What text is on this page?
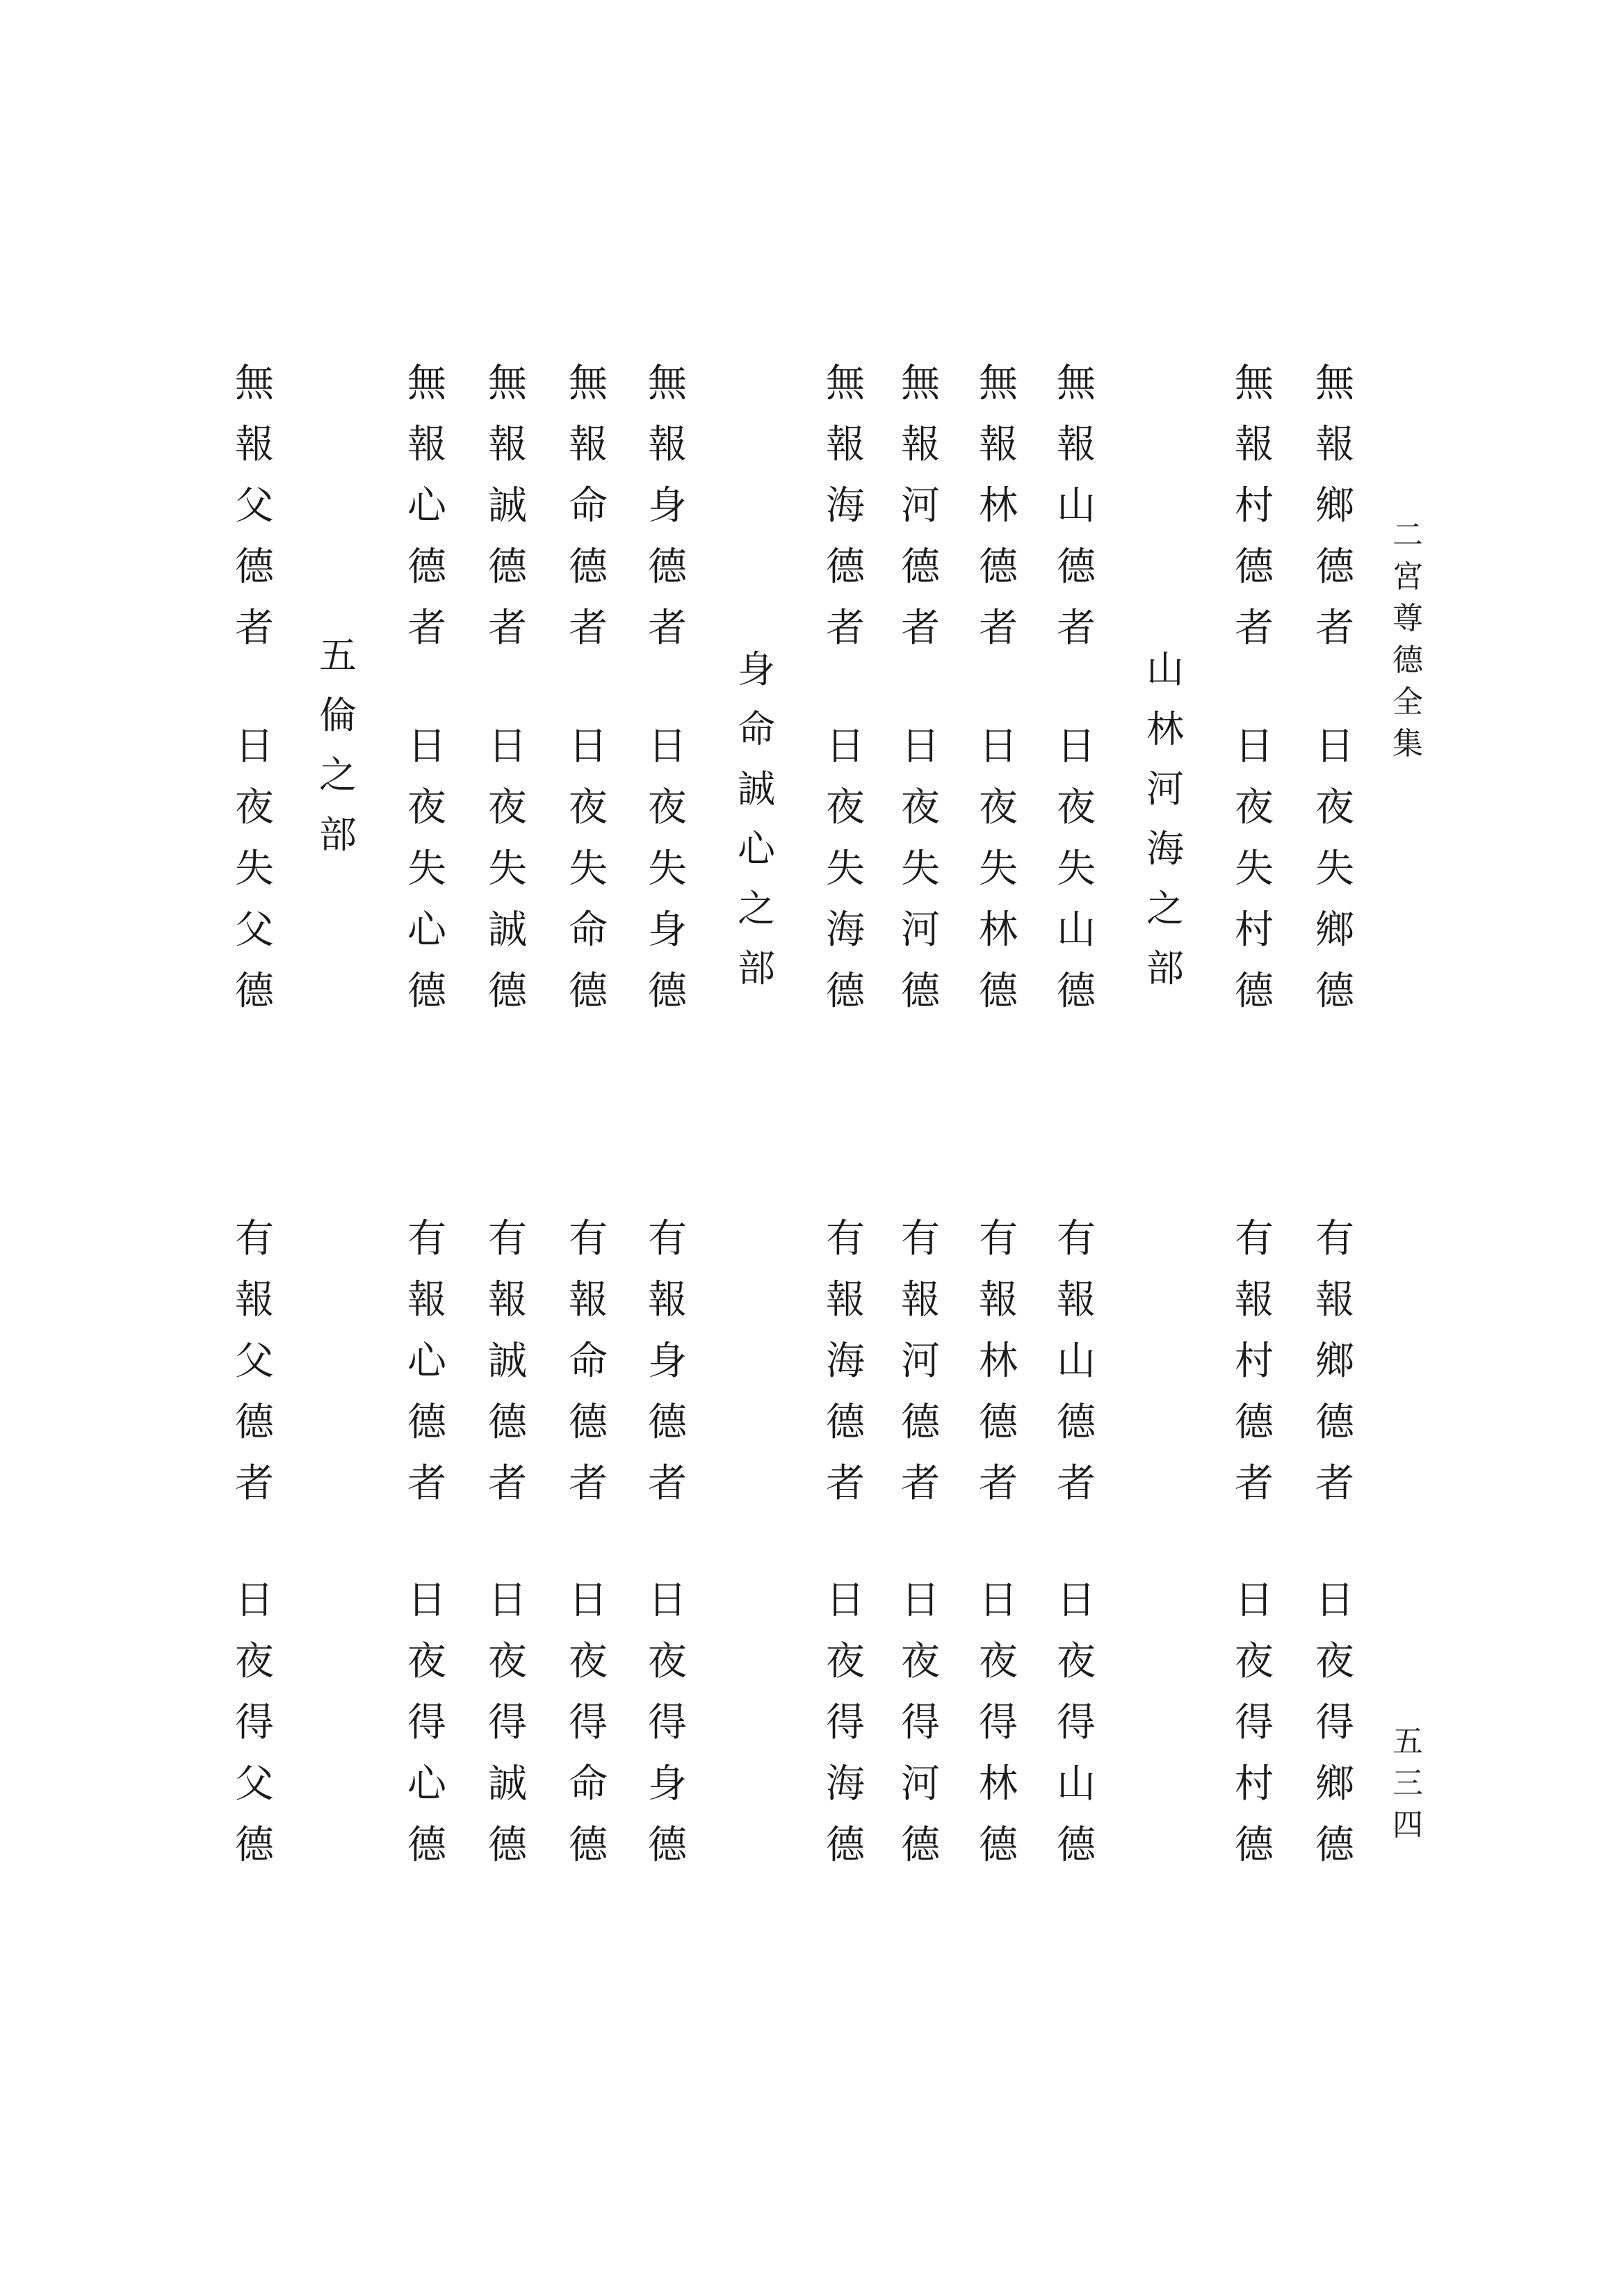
二
宮
尊
德
全
集
五
三
四
山
林
河
海
之
部
身
命
誠
心
之
部
五
倫
之
部
無
報
鄉
德
者
日
夜
失
鄉
德
無
報
村
德
者
日
夜
失
村
德
無
報
山
德
者
日
夜
失
山
德
無
報
林
德
者
日
夜
失
林
德
無
報
河
德
者
日
夜
失
河
德
無
報
海
德
者
日
夜
失
海
德
無
報
身
德
者
日
夜
失
身
德
無
報
命
德
者
日
夜
失
命
德
無
報
誠
德
者
日
夜
失
誠
德
無
報
心
德
者
日
夜
失
心
德
無
報
父
德
者
日
夜
失
父
德
有
報
鄉
德
者
日
夜
得
鄉
德
有
報
村
德
者
日
夜
得
村
德
有
報
山
德
者
日
夜
得
山
德
有
報
林
德
者
日
夜
得
林
德
有
報
河
德
者
日
夜
得
河
德
有
報
海
德
者
日
夜
得
海
德
有
報
身
德
者
日
夜
得
身
德
有
報
命
德
者
日
夜
得
命
德
有
報
誠
德
者
日
夜
得
誠
德
有
報
心
德
者
日
夜
得
心
德
有
報
父
德
者
日
夜
得
父
德
